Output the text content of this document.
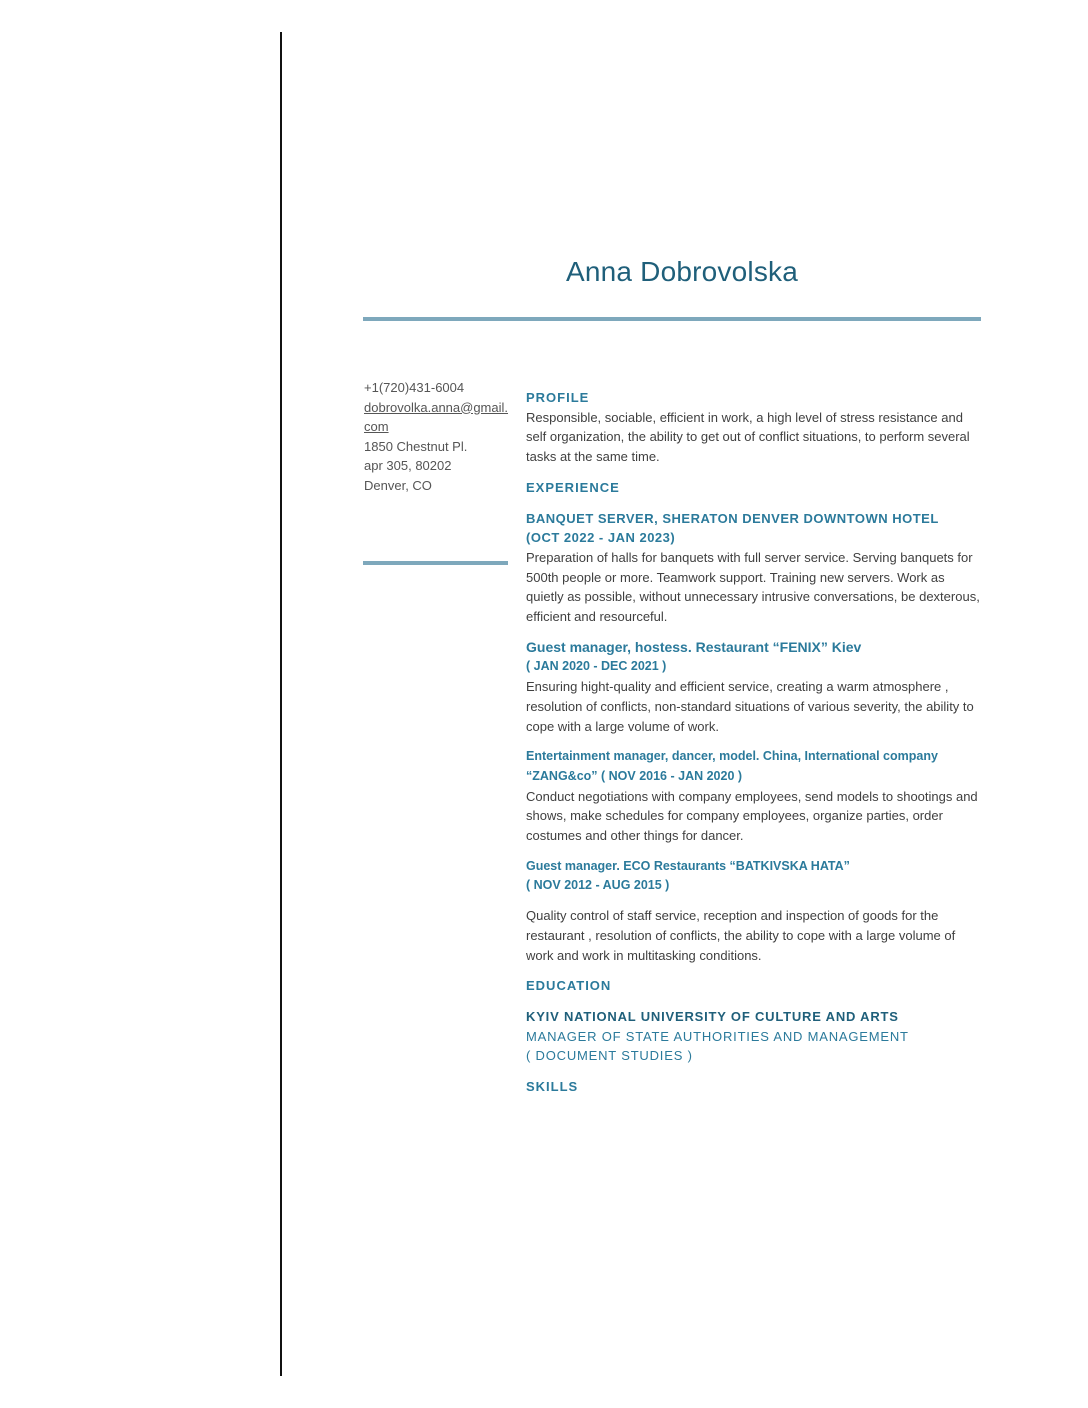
Anna Dobrovolska
+1(720)431-6004
dobrovolka.anna@gmail.com
1850 Chestnut Pl.
apr 305, 80202
Denver, CO

PROFILE

Responsible, sociable, efficient in work, a high level of stress resistance and self organization, the ability to get out of conflict situations, to perform several tasks at the same time.

EXPERIENCE

BANQUET SERVER, SHERATON DENVER DOWNTOWN HOTEL

(OCT 2022 - JAN 2023)

Preparation of halls for banquets with full server service. Serving banquets for 500th people or more. Teamwork support. Training new servers. Work as quietly as possible, without unnecessary intrusive conversations, be dexterous, efficient and resourceful.

Guest manager, hostess. Restaurant “FENIX” Kiev

( JAN 2020 - DEC 2021 )

Ensuring hight-quality and efficient service, creating a warm atmosphere , resolution of conflicts, non-standard situations of various severity, the ability to cope with a large volume of work.

Entertainment manager, dancer, model. China, International company “ZANG&co” ( NOV 2016 - JAN 2020 )

Conduct negotiations with company employees, send models to shootings and shows, make schedules for company employees, organize parties, order costumes and other things for dancer.

Guest manager. ECO Restaurants “BATKIVSKA HATA”

( NOV 2012 - AUG 2015 )

Quality control of staff service, reception and inspection of goods for the restaurant , resolution of conflicts, the ability to cope with a large volume of work and work in multitasking conditions.

EDUCATION

KYIV NATIONAL UNIVERSITY OF CULTURE AND ARTS

MANAGER OF STATE AUTHORITIES AND MANAGEMENT

( DOCUMENT STUDIES )

SKILLS
